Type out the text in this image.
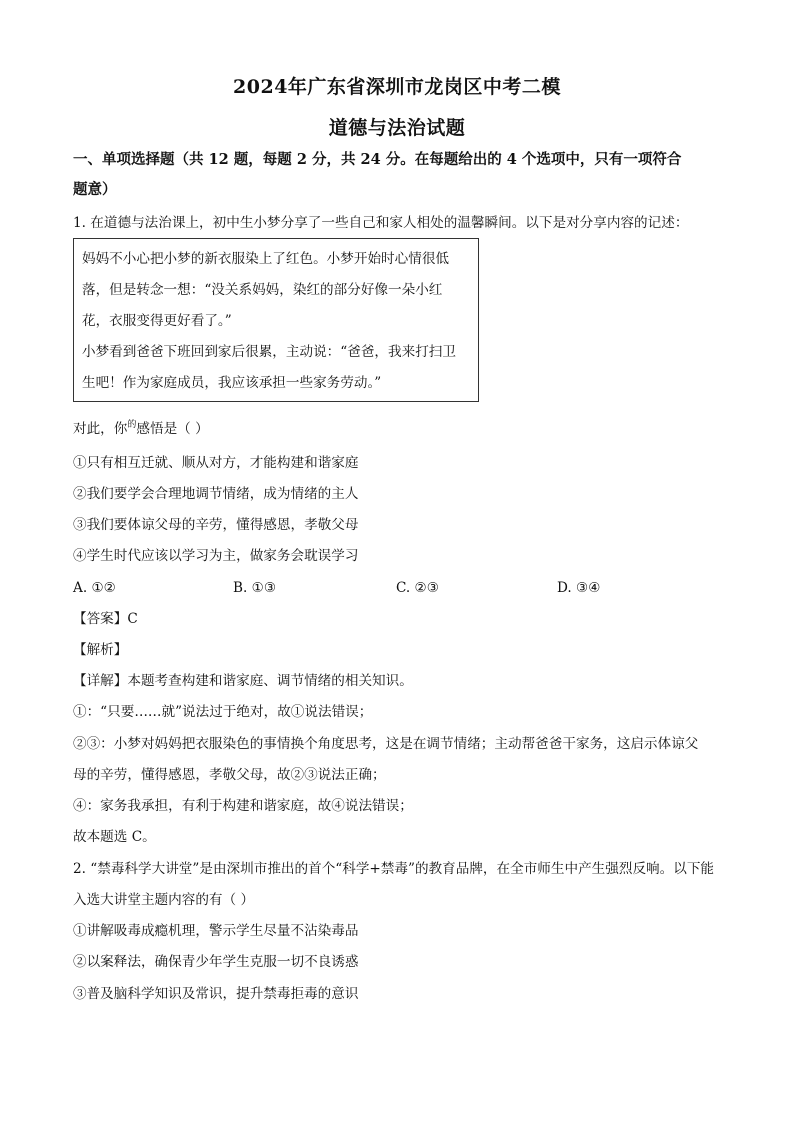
2024年广东省深圳市龙岗区中考二模
道德与法治试题
一、单项选择题（共 12 题，每题 2 分，共 24 分。在每题给出的 4 个选项中，只有一项符合
题意）
1. 在道德与法治课上，初中生小梦分享了一些自己和家人相处的温馨瞬间。以下是对分享内容的记述：
妈妈不小心把小梦的新衣服染上了红色。小梦开始时心情很低
落，但是转念一想：“没关系妈妈，染红的部分好像一朵小红
花，衣服变得更好看了。”
小梦看到爸爸下班回到家后很累，主动说：“爸爸，我来打扫卫
生吧！作为家庭成员，我应该承担一些家务劳动。”
对此，你$^的$感悟是（ ）
①只有相互迁就、顺从对方，才能构建和谐家庭
②我们要学会合理地调节情绪，成为情绪的主人
③我们要体谅父母的辛劳，懂得感恩，孝敬父母
④学生时代应该以学习为主，做家务会耽误学习
A. ①②	B. ①③	C. ②③	D. ③④
【答案】C
【解析】
【详解】本题考查构建和谐家庭、调节情绪的相关知识。
①：“只要……就”说法过于绝对，故①说法错误；
②③：小梦对妈妈把衣服染色的事情换个角度思考，这是在调节情绪；主动帮爸爸干家务，这启示体谅父
母的辛劳，懂得感恩，孝敬父母，故②③说法正确；
④：家务我承担，有利于构建和谐家庭，故④说法错误；
故本题选 C。
2. “禁毒科学大讲堂”是由深圳市推出的首个“科学+禁毒”的教育品牌，在全市师生中产生强烈反响。以下能
入选大讲堂主题内容的有（ ）
①讲解吸毒成瘾机理，警示学生尽量不沾染毒品
②以案释法，确保青少年学生克服一切不良诱惑
③普及脑科学知识及常识，提升禁毒拒毒的意识
